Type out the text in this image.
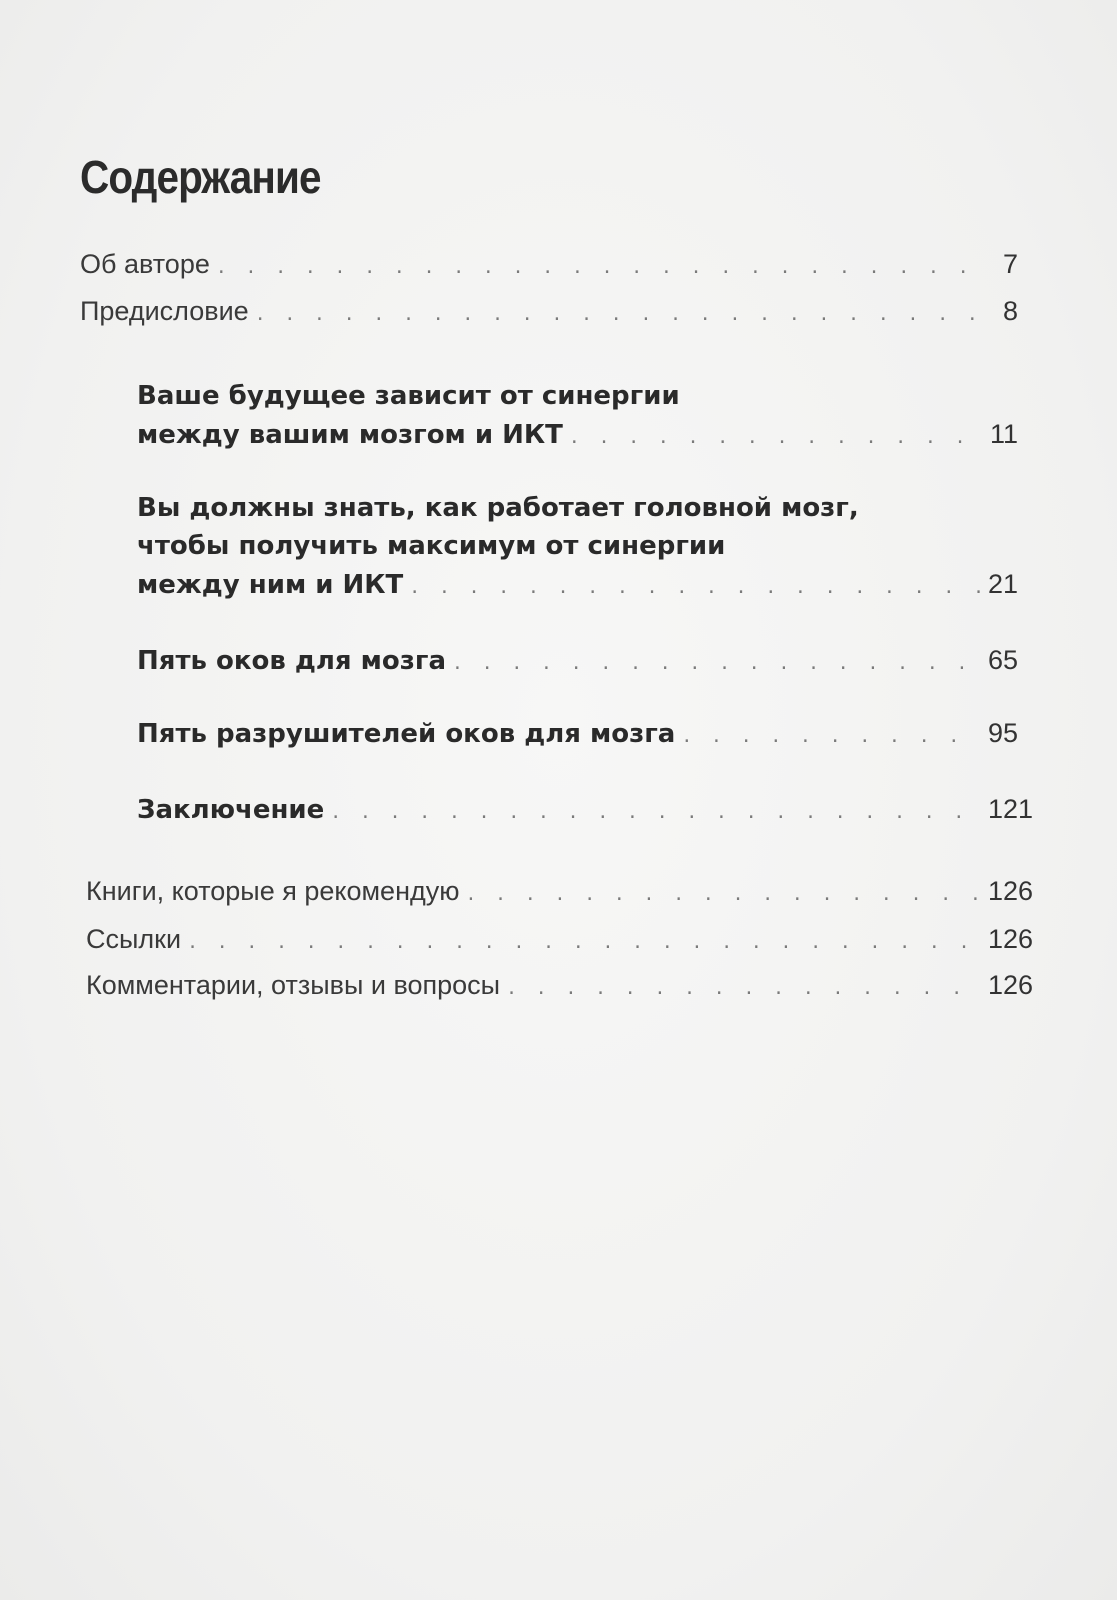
Содержание
Об авторе . . .	7
Предисловие . . .	8
Ваше будущее зависит от синергии
между вашим мозгом и ИКТ . . .	11
Вы должны знать, как работает головной мозг,
чтобы получить максимум от синергии
между ним и ИКТ . . .	21
Пять оков для мозга . . .	65
Пять разрушителей оков для мозга . . .	95
Заключение . . .	121
Книги, которые я рекомендую . . .	126
Ссылки . . .	126
Комментарии, отзывы и вопросы . . .	126
